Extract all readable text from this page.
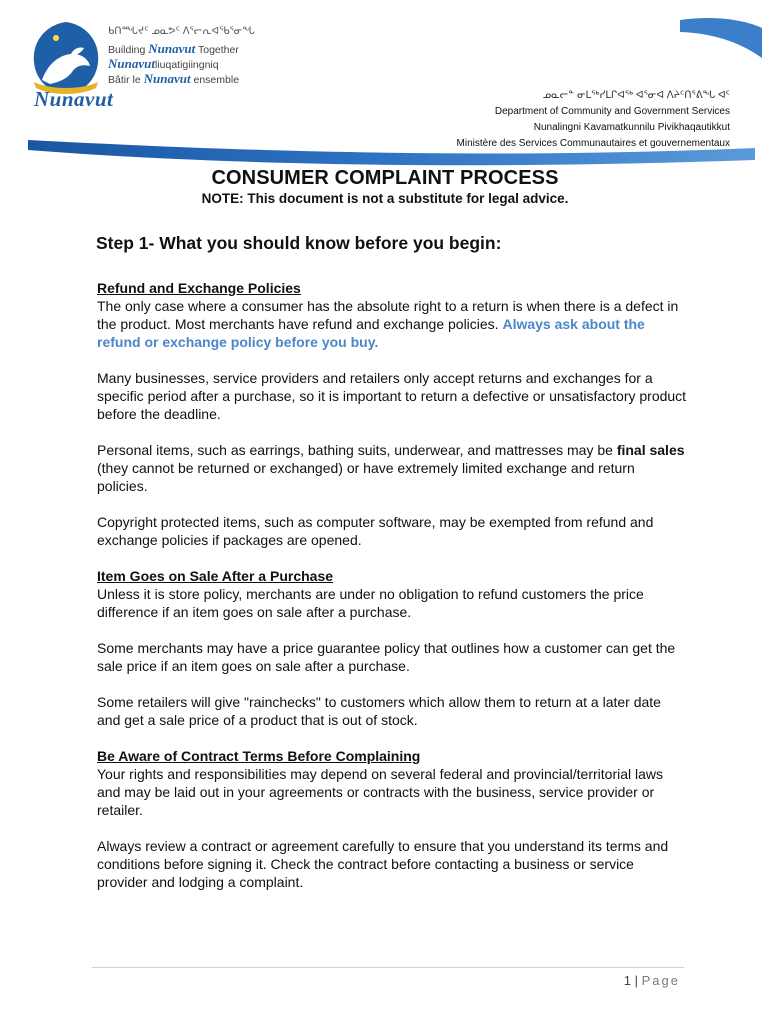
Nunavut
ᑲᑎᙵᔪᑦ ᓄᓇᕗᑦ ᐱᕐᓕᕆᐊᖃᕐᓂᖓ
Building Nunavut Together
Nunavutliuqatigiingniq
Bâtir le Nunavut ensemble
ᓄᓇᓕᓐ ᓂᒪᕐᒃᓯᒪᒋᐊᖅ ᐊᕐᓂᐊ ᐱᔨᑦᑎᕐᕕᖓ ᐊᑦ
Department of Community and Government Services
Nunalingni Kavamatkunnilu Pivikhaqautikkut
Ministère des Services Communautaires et gouvernementaux
CONSUMER COMPLAINT PROCESS
NOTE: This document is not a substitute for legal advice.
Step 1- What you should know before you begin:
Refund and Exchange Policies

The only case where a consumer has the absolute right to a return is when there is a defect in the product. Most merchants have refund and exchange policies. Always ask about the refund or exchange policy before you buy.

Many businesses, service providers and retailers only accept returns and exchanges for a specific period after a purchase, so it is important to return a defective or unsatisfactory product before the deadline.

Personal items, such as earrings, bathing suits, underwear, and mattresses may be final sales (they cannot be returned or exchanged) or have extremely limited exchange and return policies.

Copyright protected items, such as computer software, may be exempted from refund and exchange policies if packages are opened.

Item Goes on Sale After a Purchase

Unless it is store policy, merchants are under no obligation to refund customers the price difference if an item goes on sale after a purchase.

Some merchants may have a price guarantee policy that outlines how a customer can get the sale price if an item goes on sale after a purchase.

Some retailers will give "rainchecks" to customers which allow them to return at a later date and get a sale price of a product that is out of stock.

Be Aware of Contract Terms Before Complaining

Your rights and responsibilities may depend on several federal and provincial/territorial laws and may be laid out in your agreements or contracts with the business, service provider or retailer.

Always review a contract or agreement carefully to ensure that you understand its terms and conditions before signing it. Check the contract before contacting a business or service provider and lodging a complaint.

1 | Page
